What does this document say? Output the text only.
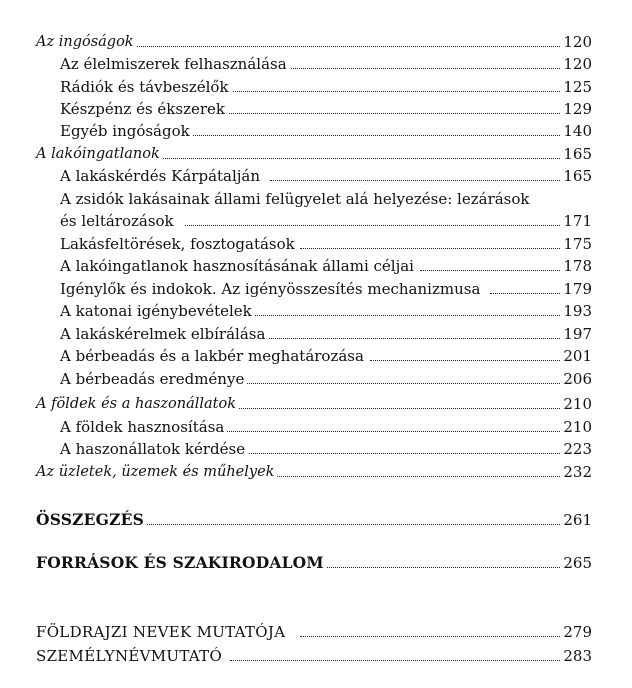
Az ingóságok	120
Az élelmiszerek felhasználása	120
Rádiók és távbeszélők	125
Készpénz és ékszerek	129
Egyéb ingóságok	140
A lakóingatlanok	165
A lakáskérdés Kárpátalján	165
A zsidók lakásainak állami felügyelet alá helyezése: lezárások
és leltározások	171
Lakásfeltörések, fosztogatások	175
A lakóingatlanok hasznosításának állami céljai	178
Igénylők és indokok. Az igényösszesítés mechanizmusa	179
A katonai igénybevételek	193
A lakáskérelmek elbírálása	197
A bérbeadás és a lakbér meghatározása	201
A bérbeadás eredménye	206
A földek és a haszonállatok	210
A földek hasznosítása	210
A haszonállatok kérdése	223
Az üzletek, üzemek és műhelyek	232
ÖSSZEGZÉS	261
FORRÁSOK ÉS SZAKIRODALOM	265
FÖLDRAJZI NEVEK MUTATÓJA	279
SZEMÉLYNÉVMUTATÓ	283
